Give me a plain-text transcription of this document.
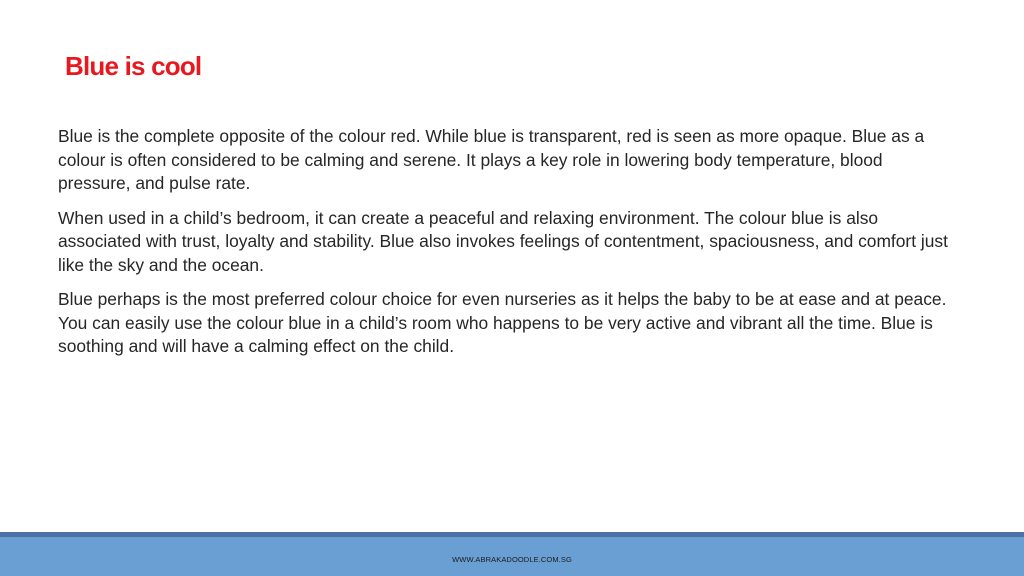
Blue is cool

Blue is the complete opposite of the colour red. While blue is transparent, red is seen as more opaque. Blue as a colour is often considered to be calming and serene. It plays a key role in lowering body temperature, blood pressure, and pulse rate.

When used in a child’s bedroom, it can create a peaceful and relaxing environment. The colour blue is also associated with trust, loyalty and stability. Blue also invokes feelings of contentment, spaciousness, and comfort just like the sky and the ocean.

Blue perhaps is the most preferred colour choice for even nurseries as it helps the baby to be at ease and at peace. You can easily use the colour blue in a child’s room who happens to be very active and vibrant all the time. Blue is soothing and will have a calming effect on the child.

WWW.ABRAKADOODLE.COM.SG
